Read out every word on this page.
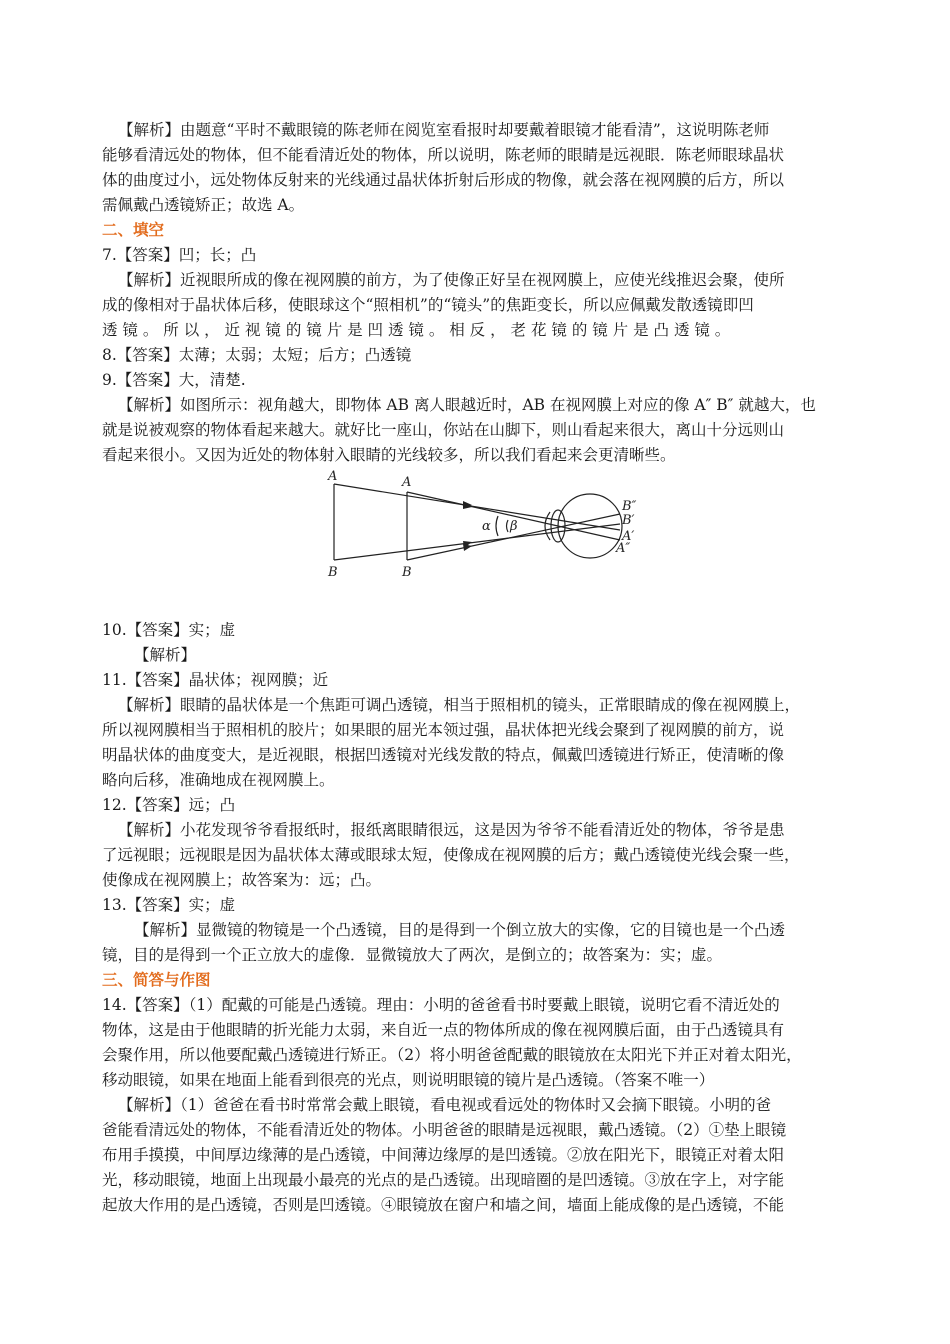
【解析】由题意“平时不戴眼镜的陈老师在阅览室看报时却要戴着眼镜才能看清”，这说明陈老师
能够看清远处的物体，但不能看清近处的物体，所以说明，陈老师的眼睛是远视眼．陈老师眼球晶状
体的曲度过小，远处物体反射来的光线通过晶状体折射后形成的物像，就会落在视网膜的后方，所以
需佩戴凸透镜矫正；故选 A。
二、填空
7.【答案】凹；长；凸
【解析】近视眼所成的像在视网膜的前方，为了使像正好呈在视网膜上，应使光线推迟会聚，使所
成的像相对于晶状体后移，使眼球这个“照相机”的“镜头”的焦距变长，所以应佩戴发散透镜即凹
透 镜 。 所 以 ， 近 视 镜 的 镜 片 是 凹 透 镜 。 相 反 ， 老 花 镜 的 镜 片 是 凸 透 镜 。
8.【答案】太薄；太弱；太短；后方；凸透镜
9.【答案】大，清楚.
【解析】如图所示：视角越大，即物体 AB 离人眼越近时，AB 在视网膜上对应的像 A″ B″ 就越大，也
就是说被观察的物体看起来越大。就好比一座山，你站在山脚下，则山看起来很大，离山十分远则山
看起来很小。又因为近处的物体射入眼睛的光线较多，所以我们看起来会更清晰些。
A
B
A
B
α β
B″
B′
A′
A″
10.【答案】实；虚
【解析】
11.【答案】晶状体；视网膜；近
【解析】眼睛的晶状体是一个焦距可调凸透镜，相当于照相机的镜头，正常眼睛成的像在视网膜上，
所以视网膜相当于照相机的胶片；如果眼的屈光本领过强，晶状体把光线会聚到了视网膜的前方，说
明晶状体的曲度变大，是近视眼，根据凹透镜对光线发散的特点，佩戴凹透镜进行矫正，使清晰的像
略向后移，准确地成在视网膜上。
12.【答案】远；凸
【解析】小花发现爷爷看报纸时，报纸离眼睛很远，这是因为爷爷不能看清近处的物体，爷爷是患
了远视眼；远视眼是因为晶状体太薄或眼球太短，使像成在视网膜的后方；戴凸透镜使光线会聚一些，
使像成在视网膜上；故答案为：远；凸。
13.【答案】实；虚
【解析】显微镜的物镜是一个凸透镜，目的是得到一个倒立放大的实像，它的目镜也是一个凸透
镜，目的是得到一个正立放大的虚像．显微镜放大了两次，是倒立的；故答案为：实；虚。
三、简答与作图
14.【答案】（1）配戴的可能是凸透镜。理由：小明的爸爸看书时要戴上眼镜，说明它看不清近处的
物体，这是由于他眼睛的折光能力太弱，来自近一点的物体所成的像在视网膜后面，由于凸透镜具有
会聚作用，所以他要配戴凸透镜进行矫正。（2）将小明爸爸配戴的眼镜放在太阳光下并正对着太阳光，
移动眼镜，如果在地面上能看到很亮的光点，则说明眼镜的镜片是凸透镜。（答案不唯一）
【解析】（1）爸爸在看书时常常会戴上眼镜，看电视或看远处的物体时又会摘下眼镜。小明的爸
爸能看清远处的物体，不能看清近处的物体。小明爸爸的眼睛是远视眼，戴凸透镜。（2）①垫上眼镜
布用手摸摸，中间厚边缘薄的是凸透镜，中间薄边缘厚的是凹透镜。②放在阳光下，眼镜正对着太阳
光，移动眼镜，地面上出现最小最亮的光点的是凸透镜。出现暗圈的是凹透镜。③放在字上，对字能
起放大作用的是凸透镜，否则是凹透镜。④眼镜放在窗户和墙之间，墙面上能成像的是凸透镜，不能
